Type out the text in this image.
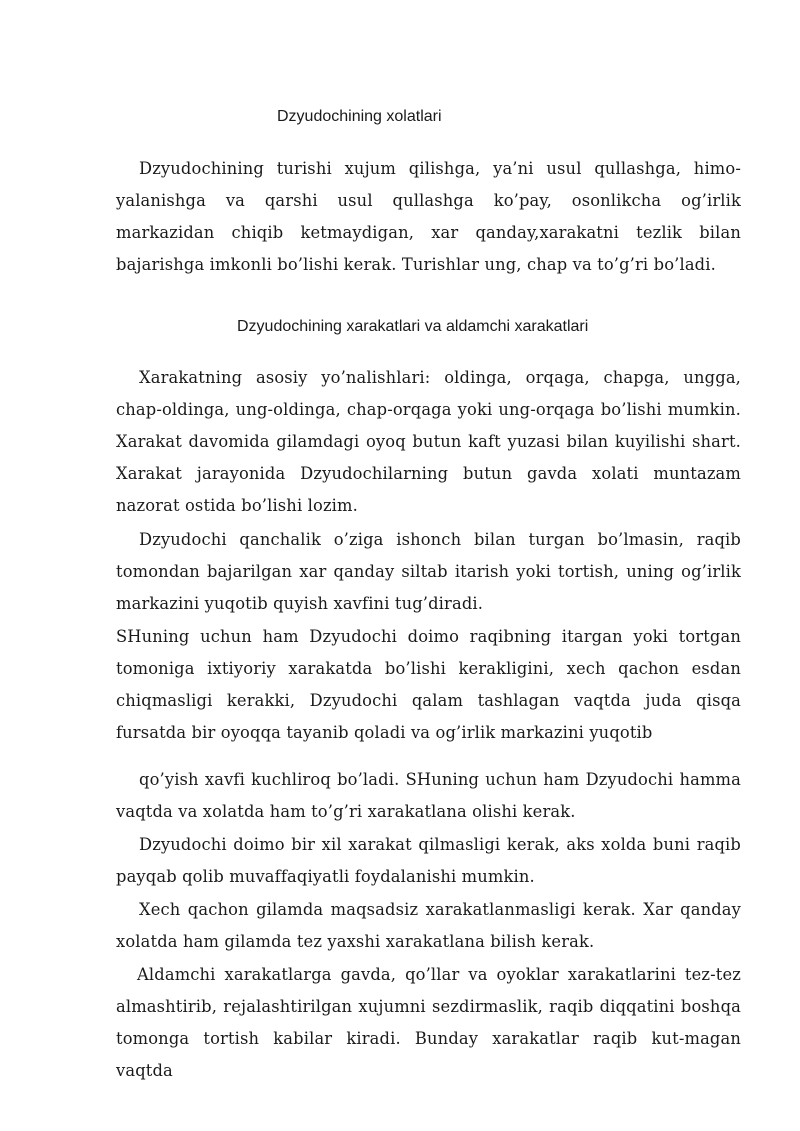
Dzyudochining xolatlari

Dzyudochining turishi xujum qilishga, ya’ni usul qullashga, himo-yalanishga va qarshi usul qullashga ko’pay, osonlikcha og’irlik markazidan chiqib ketmaydigan, xar qanday,xarakatni tezlik bilan bajarishga imkonli bo’lishi kerak. Turishlar ung, chap va to’g’ri bo’ladi.

Dzyudochining xarakatlari va aldamchi xarakatlari

Xarakatning asosiy yo’nalishlari: oldinga, orqaga, chapga, ungga, chap-oldinga, ung-oldinga, chap-orqaga yoki ung-orqaga bo’lishi mumkin. Xarakat davomida gilamdagi oyoq butun kaft yuzasi bilan kuyilishi shart. Xarakat jarayonida Dzyudochilarning butun gavda xolati muntazam nazorat ostida bo’lishi lozim.

Dzyudochi qanchalik o’ziga ishonch bilan turgan bo’lmasin, raqib tomondan bajarilgan xar qanday siltab itarish yoki tortish, uning og’irlik markazini yuqotib quyish xavfini tug’diradi.

SHuning uchun ham Dzyudochi doimo raqibning itargan yoki tortgan tomoniga ixtiyoriy xarakatda bo’lishi kerakligini, xech qachon esdan chiqmasligi kerakki, Dzyudochi qalam tashlagan vaqtda juda qisqa fursatda bir oyoqqa tayanib qoladi va og’irlik markazini yuqotib

qo’yish xavfi kuchliroq bo’ladi. SHuning uchun ham Dzyudochi hamma vaqtda va xolatda ham to’g’ri xarakatlana olishi kerak.

Dzyudochi doimo bir xil xarakat qilmasligi kerak, aks xolda buni raqib payqab qolib muvaffaqiyatli foydalanishi mumkin.

Xech qachon gilamda maqsadsiz xarakatlanmasligi kerak. Xar qanday xolatda ham gilamda tez yaxshi xarakatlana bilish kerak.

Aldamchi xarakatlarga gavda, qo’llar va oyoklar xarakatlarini tez-tez almashtirib, rejalashtirilgan xujumni sezdirmaslik, raqib diqqatini boshqa tomonga tortish kabilar kiradi. Bunday xarakatlar raqib kut-magan vaqtda
